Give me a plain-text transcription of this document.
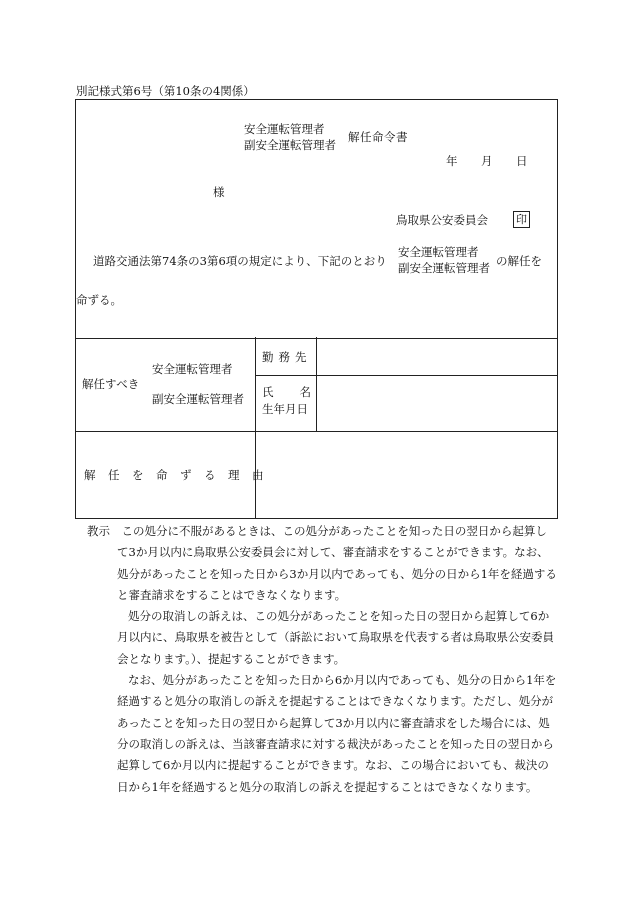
別記様式第6号（第10条の4関係）
安全運転管理者
副安全運転管理者
解任命令書
年 月 日
様
鳥取県公安委員会	印
道路交通法第74条の3第6項の規定により、下記のとおり
安全運転管理者
副安全運転管理者 の解任を
命ずる。
解任すべき
安全運転管理者
副安全運転管理者
勤務先
氏名
生年月日
解任を命ずる理由

教示　 この処分に不服があるときは、この処分があったことを知った日の翌日から起算して3か月以内に鳥取県公安委員会に対して、審査請求をすることができます。なお、処分があったことを知った日から3か月以内であっても、処分の日から1年を経過すると審査請求をすることはできなくなります。

処分の取消しの訴えは、この処分があったことを知った日の翌日から起算して6か月以内に、鳥取県を被告として（訴訟において鳥取県を代表する者は鳥取県公安委員会となります。）、提起することができます。

なお、処分があったことを知った日から6か月以内であっても、処分の日から1年を経過すると処分の取消しの訴えを提起することはできなくなります。ただし、処分があったことを知った日の翌日から起算して3か月以内に審査請求をした場合には、処分の取消しの訴えは、当該審査請求に対する裁決があったことを知った日の翌日から起算して6か月以内に提起することができます。なお、この場合においても、裁決の日から1年を経過すると処分の取消しの訴えを提起することはできなくなります。
